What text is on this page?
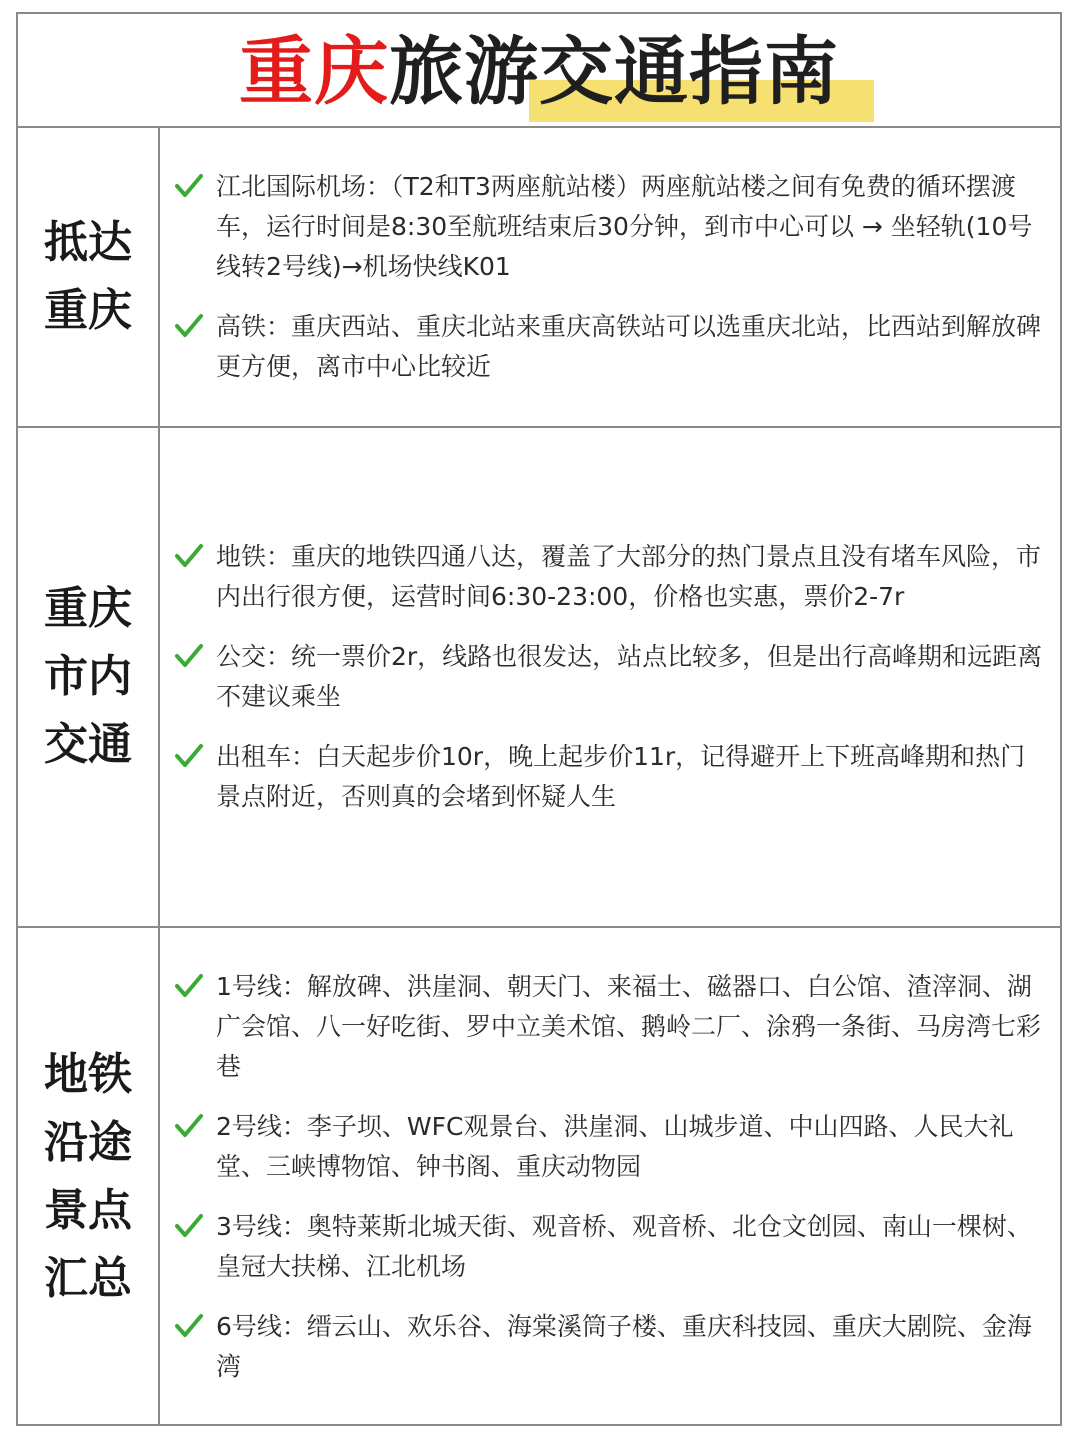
重庆旅游交通指南
抵达
重庆
江北国际机场：（T2和T3两座航站楼）两座航站楼之间有免费的循环摆渡车，运行时间是8:30至航班结束后30分钟，到市中心可以 → 坐轻轨(10号线转2号线)→机场快线K01
高铁：重庆西站、重庆北站来重庆高铁站可以选重庆北站，比西站到解放碑更方便，离市中心比较近
重庆
市内
交通
地铁：重庆的地铁四通八达，覆盖了大部分的热门景点且没有堵车风险，市内出行很方便，运营时间6:30-23:00，价格也实惠，票价2-7r
公交：统一票价2r，线路也很发达，站点比较多，但是出行高峰期和远距离不建议乘坐
出租车：白天起步价10r，晚上起步价11r，记得避开上下班高峰期和热门景点附近，否则真的会堵到怀疑人生
地铁
沿途
景点
汇总
1号线：解放碑、洪崖洞、朝天门、来福士、磁器口、白公馆、渣滓洞、湖广会馆、八一好吃街、罗中立美术馆、鹅岭二厂、涂鸦一条街、马房湾七彩巷
2号线：李子坝、WFC观景台、洪崖洞、山城步道、中山四路、人民大礼堂、三峡博物馆、钟书阁、重庆动物园
3号线：奥特莱斯北城天街、观音桥、观音桥、北仓文创园、南山一棵树、皇冠大扶梯、江北机场
6号线：缙云山、欢乐谷、海棠溪筒子楼、重庆科技园、重庆大剧院、金海湾
